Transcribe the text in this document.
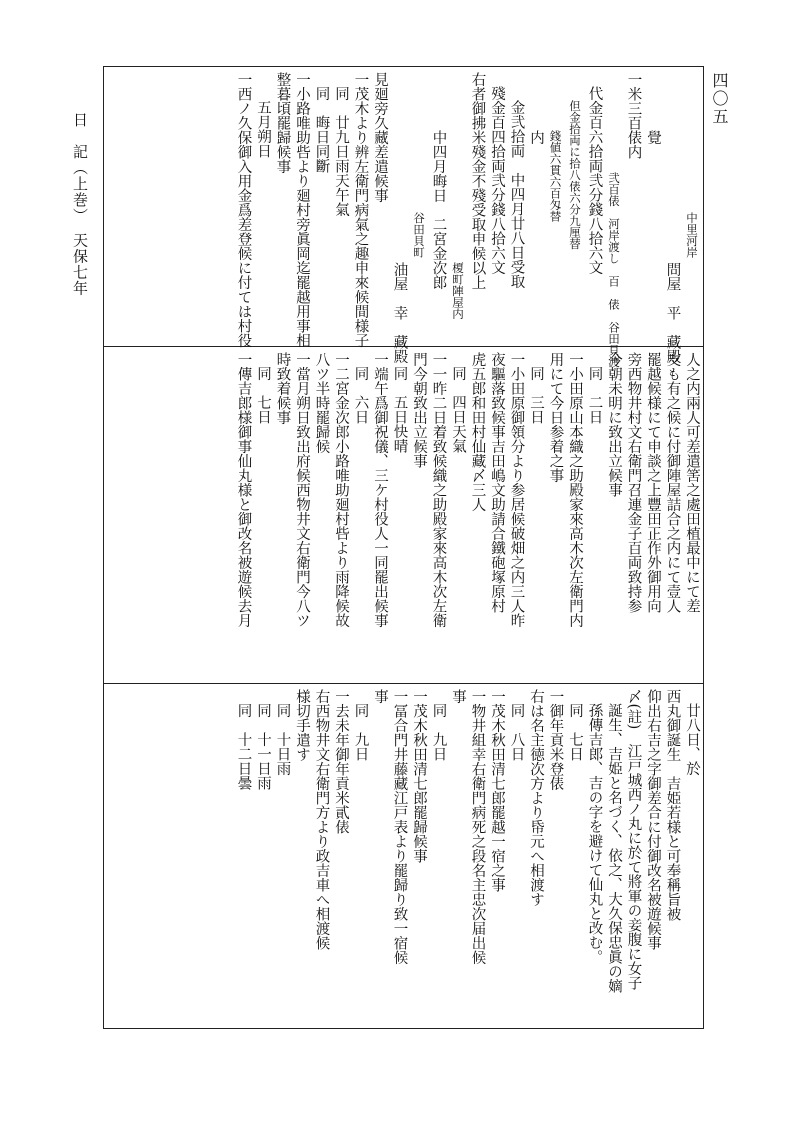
四〇五
日　記（上巻）　天保七年	中里河岸
問屋　平　藏殿
覺
一米三百俵内
弐百俵　河岸渡し　百　俵　谷田貝渡
代金百六拾両弐分錢八拾六文
但金拾両に拾八俵六分九厘替
錢値六貫六百匁替
内
金弐拾両　中四月廿八日受取
殘金百四拾両弐分錢八拾六文
右者御拂米殘金不殘受取申候以上
榎町陣屋内
中四月晦日　二宮金次郎
谷田貝町
油屋　幸　藏殿
見廻旁久藏差遣候事
一茂木より辨左衛門病氣之趣申來候間様子
同　廿九日雨天午氣
同　晦日同斷
一小路唯助呰より廻村旁眞岡迄罷越用事相
整暮頃罷歸候事
五月朔日
一西ノ久保御入用金爲差登候に付ては村役
人之内兩人可差遣筈之處田植最中にて差
支も有之候に付御陣屋詰合之内にて壹人
罷越候様にて申談之上豐田正作外御用向
旁西物井村文右衛門召連金子百両致持参
今朝未明に致出立候事
同　二日
一小田原山本織之助殿家來高木次左衛門内
用にて今日参着之事
同　三日
一小田原御領分より参居候破畑之内三人昨
夜驅落致候事吉田嶋文助請合鐵砲塚原村
虎五郎和田村仙藏〆三人
同　四日天氣
一一昨二日着致候織之助殿家來高木次左衛
門今朝致出立候事
同　五日快晴
一端午爲御祝儀、三ケ村役人一同罷出候事
同　六日
一二宮金次郎小路唯助廻村呰より雨降候故
八ツ半時罷歸候
一當月朔日致出府候西物井文右衛門今八ツ
時致着候事
同　七日
一傳吉郎様御事仙丸様と御改名被遊候去月
廿八日、於
西丸御誕生　吉姫若様と可奉稱旨被
仰出右吉之字御差合に付御改名被遊候事
〆(註)　江戸城西ノ丸に於て將軍の妾腹に女子
誕生、吉姫と名づく、依之、大久保忠眞の嫡
孫傳吉郎、吉の字を避けて仙丸と改む。
同　七日
一御年貢米登俵
右は名主徳次方より帋元へ相渡す
同　八日
一茂木秋田清七郎罷越一宿之事
一物井組幸右衛門病死之段名主忠次届出候
事
同　九日
一茂木秋田清七郎罷歸候事
一冨合門井藤藏江戸表より罷歸り致一宿候
事
同　九日
一去未年御年貢米貳俵
右西物井文右衛門方より政吉車へ相渡候
様切手遣す
同　十日雨
同　十一日雨
同　十二日曇
